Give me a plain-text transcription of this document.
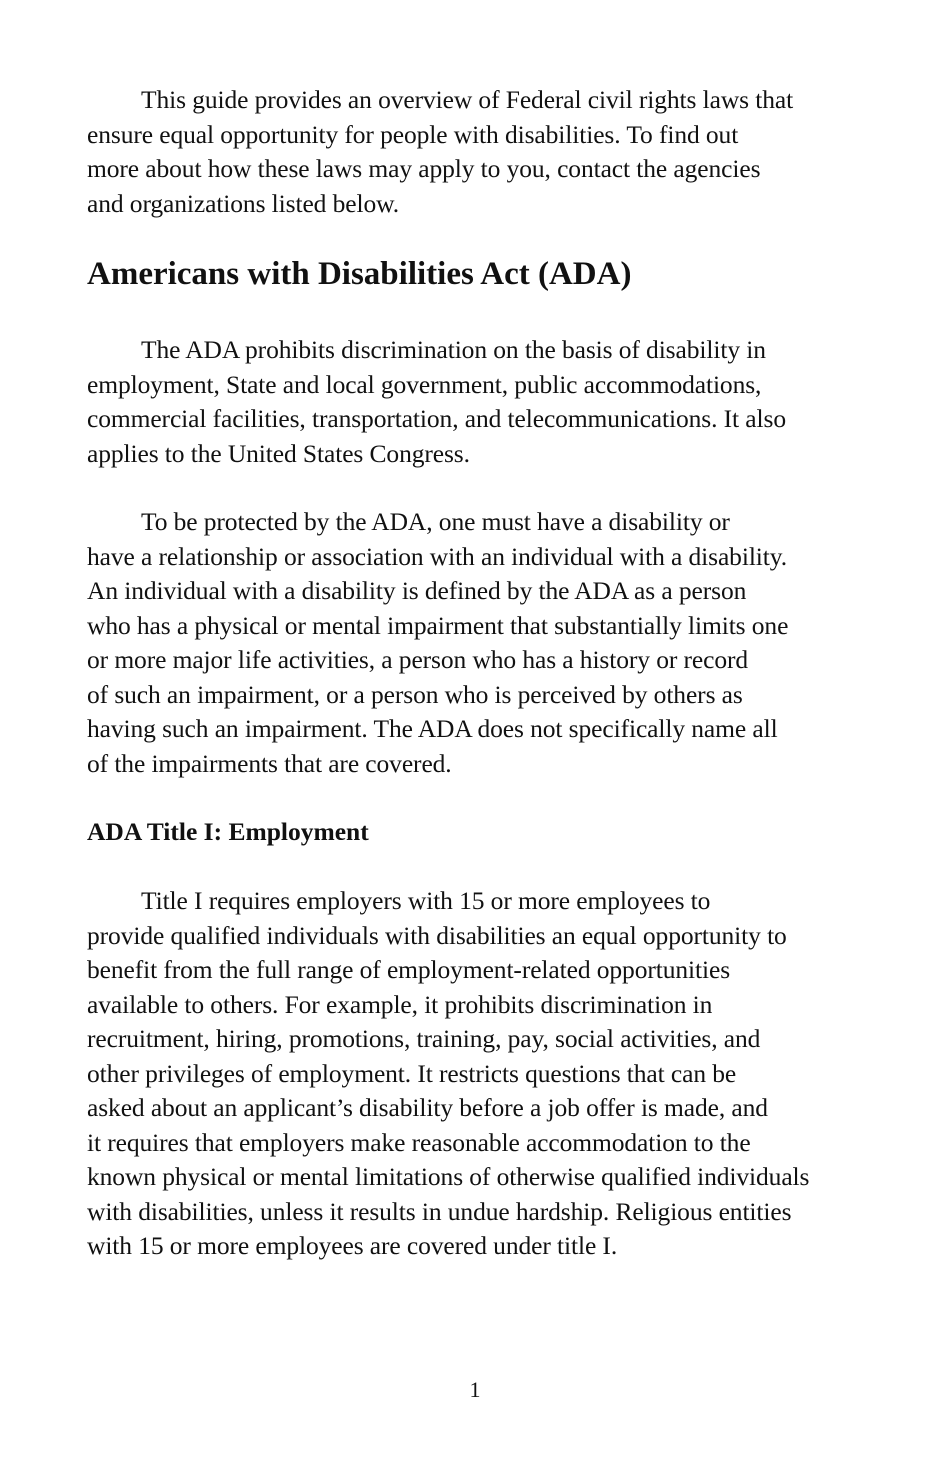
This guide provides an overview of Federal civil rights laws that
ensure equal opportunity for people with disabilities. To find out
more about how these laws may apply to you, contact the agencies
and organizations listed below.

Americans with Disabilities Act (ADA)

The ADA prohibits discrimination on the basis of disability in
employment, State and local government, public accommodations,
commercial facilities, transportation, and telecommunications. It also
applies to the United States Congress.

To be protected by the ADA, one must have a disability or
have a relationship or association with an individual with a disability.
An individual with a disability is defined by the ADA as a person
who has a physical or mental impairment that substantially limits one
or more major life activities, a person who has a history or record
of such an impairment, or a person who is perceived by others as
having such an impairment. The ADA does not specifically name all
of the impairments that are covered.

ADA Title I: Employment

Title I requires employers with 15 or more employees to
provide qualified individuals with disabilities an equal opportunity to
benefit from the full range of employment-related opportunities
available to others. For example, it prohibits discrimination in
recruitment, hiring, promotions, training, pay, social activities, and
other privileges of employment. It restricts questions that can be
asked about an applicant’s disability before a job offer is made, and
it requires that employers make reasonable accommodation to the
known physical or mental limitations of otherwise qualified individuals
with disabilities, unless it results in undue hardship. Religious entities
with 15 or more employees are covered under title I.

1
